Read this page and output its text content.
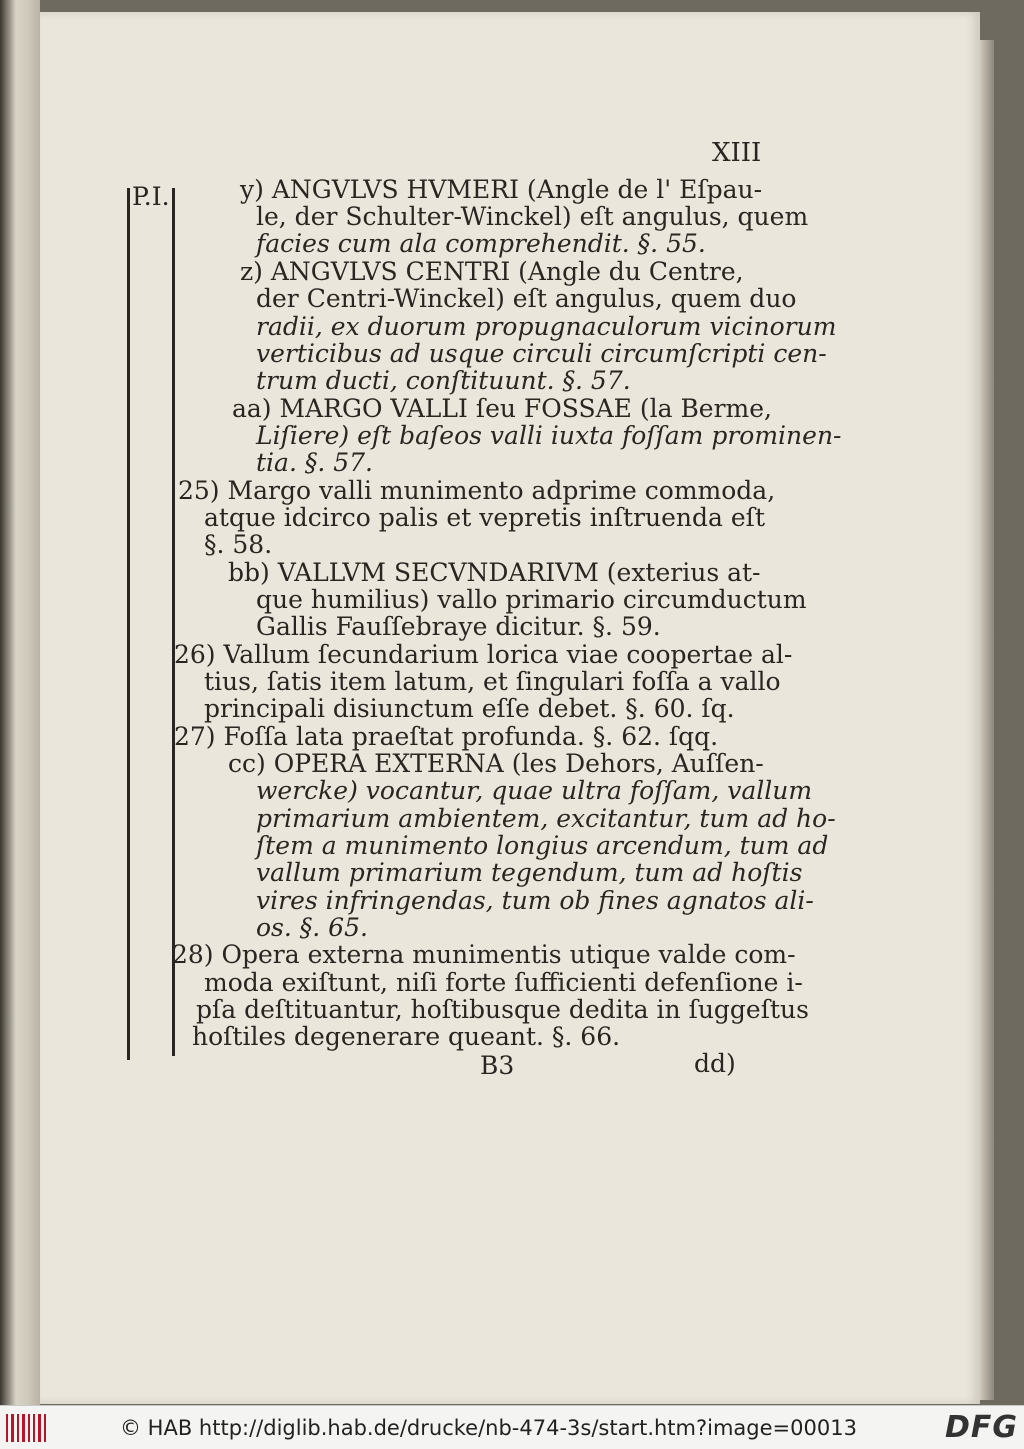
XIII
P.I.	y) ANGVLVS HVMERI (Angle de l' Eſpau-
le, der Schulter-Winckel) eſt angulus, quem
facies cum ala comprehendit. §. 55.
z) ANGVLVS CENTRI (Angle du Centre,
der Centri-Winckel) eſt angulus, quem duo
radii, ex duorum propugnaculorum vicinorum
verticibus ad usque circuli circumſcripti cen-
trum ducti, conſtituunt. §. 57.
aa) MARGO VALLI ſeu FOSSAE (la Berme,
Liſiere) eſt baſeos valli iuxta foſſam prominen-
tia. §. 57.
25) Margo valli munimento adprime commoda,
atque idcirco palis et vepretis inſtruenda eſt
§. 58.
bb) VALLVM SECVNDARIVM (exterius at-
que humilius) vallo primario circumductum
Gallis Fauſſebraye dicitur. §. 59.
26) Vallum ſecundarium lorica viae coopertae al-
tius, ſatis item latum, et ſingulari foſſa a vallo
principali disiunctum eſſe debet. §. 60. ſq.
27) Foſſa lata praeſtat profunda. §. 62. ſqq.
cc) OPERA EXTERNA (les Dehors, Auſſen-
wercke) vocantur, quae ultra foſſam, vallum
primarium ambientem, excitantur, tum ad ho-
ſtem a munimento longius arcendum, tum ad
vallum primarium tegendum, tum ad hoſtis
vires infringendas, tum ob fines agnatos ali-
os. §. 65.
28) Opera externa munimentis utique valde com-
moda exiſtunt, niſi forte ſufficienti defenſione i-
pſa deſtituantur, hoſtibusque dedita in ſuggeſtus
hoſtiles degenerare queant. §. 66.
B3	dd)
© HAB http://diglib.hab.de/drucke/nb-474-3s/start.htm?image=00013	DFG
